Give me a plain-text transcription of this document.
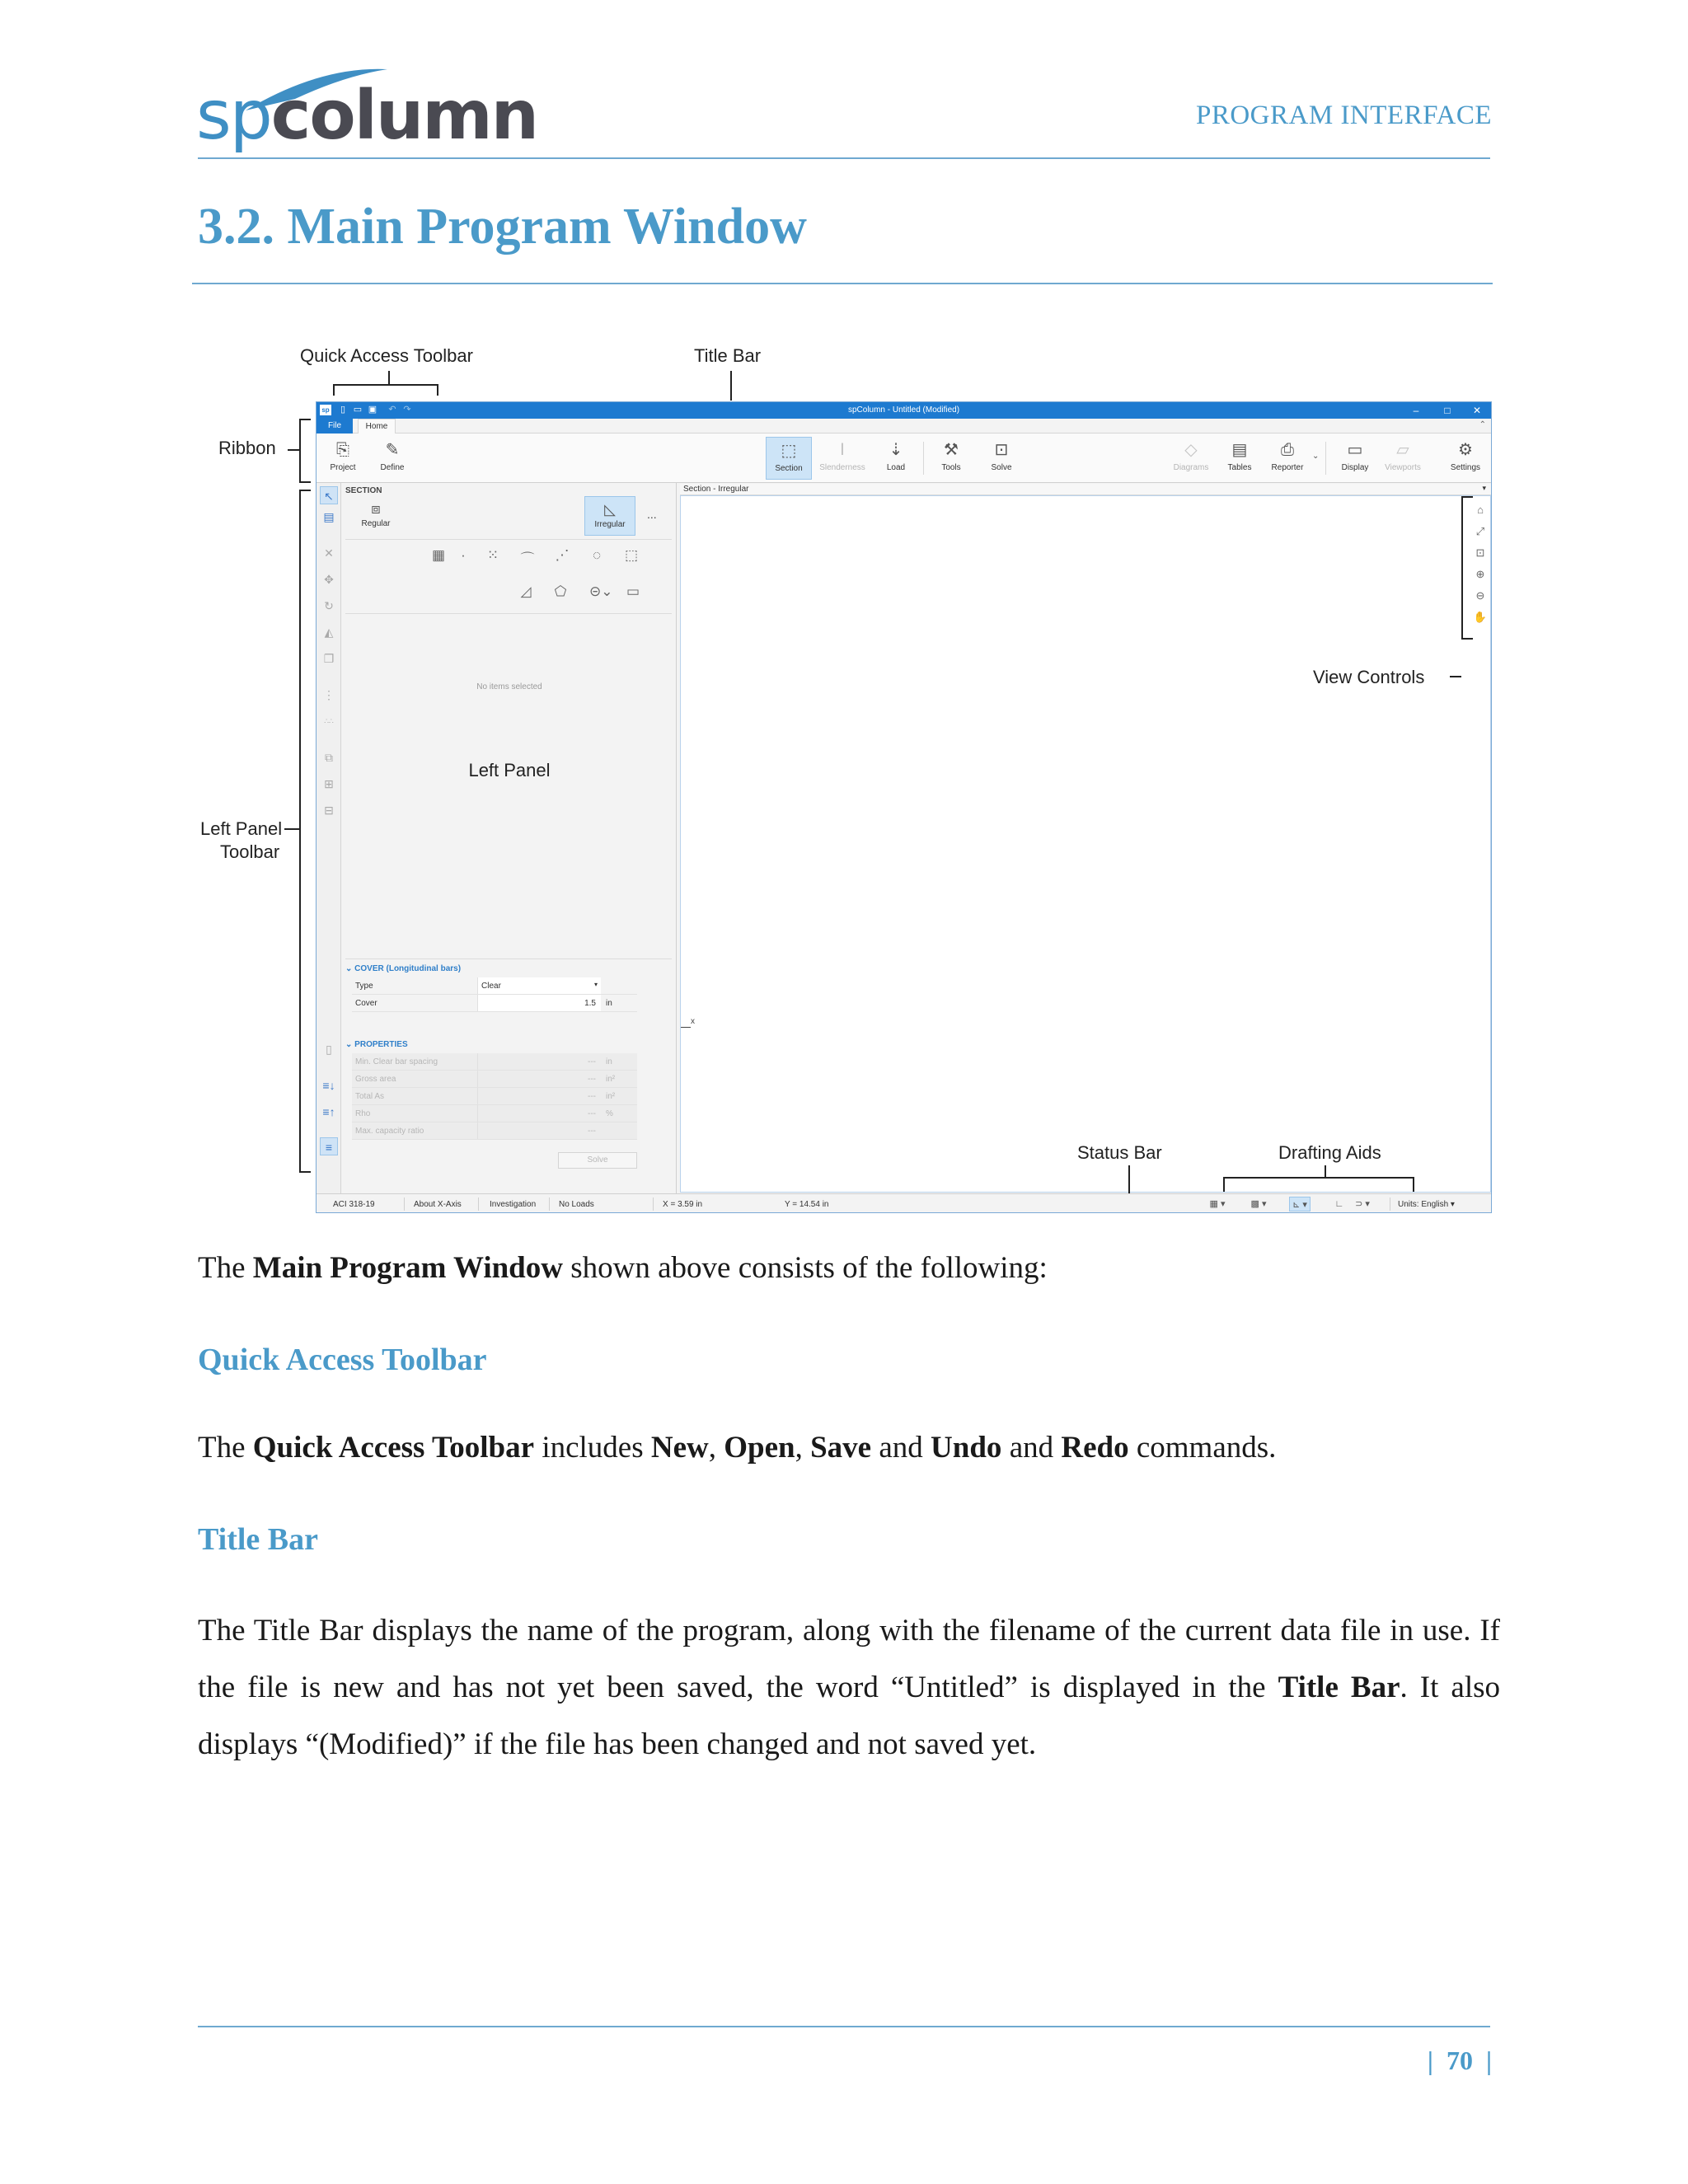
spcolumn	PROGRAM INTERFACE
3.2. Main Program Window
Quick Access Toolbar	Title Bar
Ribbon
Left Panel
Toolbar
sp ▯ ▭ ▣ ↶ ↷	spColumn - Untitled (Modified)	–	□	✕
File	Home	⌃
⎘
Project
✎
Define
⬚
Section
Ⅰ
Slenderness
⇣
Load
⚒
Tools
⊡
Solve
◇
Diagrams
▤
Tables
⎙
Reporter
⌄ ▭
Display
▱
Viewports
⚙
Settings
↖
▤
✕
✥
↻
◭
❐
⋮
∴∴
⧉
⊞
⊟
▯
≡↓
≡↑
≡
SECTION
⧈
Regular
◺
Irregular
...
▦	·	⁙ ⌒ ⋰	◌	⬚
◿ ⬠ ⊝⌄ ▭
No items selected
Left Panel
⌄ COVER (Longitudinal bars)
Type	Clear	▾
Cover	1.5 in
⌄ PROPERTIES
Min. Clear bar spacing	--- in
Gross area	--- in²
Total As	--- in²
Rho	--- %
Max. capacity ratio	---
Solve
Section - Irregular	▾
⌂
⤢
⊡
⊕
⊖
✋
x
View Controls
Status Bar	Drafting Aids
ACI 318-19	About X-Axis	Investigation	No Loads	X = 3.59 in	Y = 14.54 in	▦ ▾	▩ ▾	⊾ ▾	∟	⊃ ▾	Units: English ▾
The Main Program Window shown above consists of the following:
Quick Access Toolbar
The Quick Access Toolbar includes New, Open, Save and Undo and Redo commands.
Title Bar
The Title Bar displays the name of the program, along with the filename of the current data file in use. If the file is new and has not yet been saved, the word “Untitled” is displayed in the Title Bar. It also displays “(Modified)” if the file has been changed and not saved yet.
|  70  |
